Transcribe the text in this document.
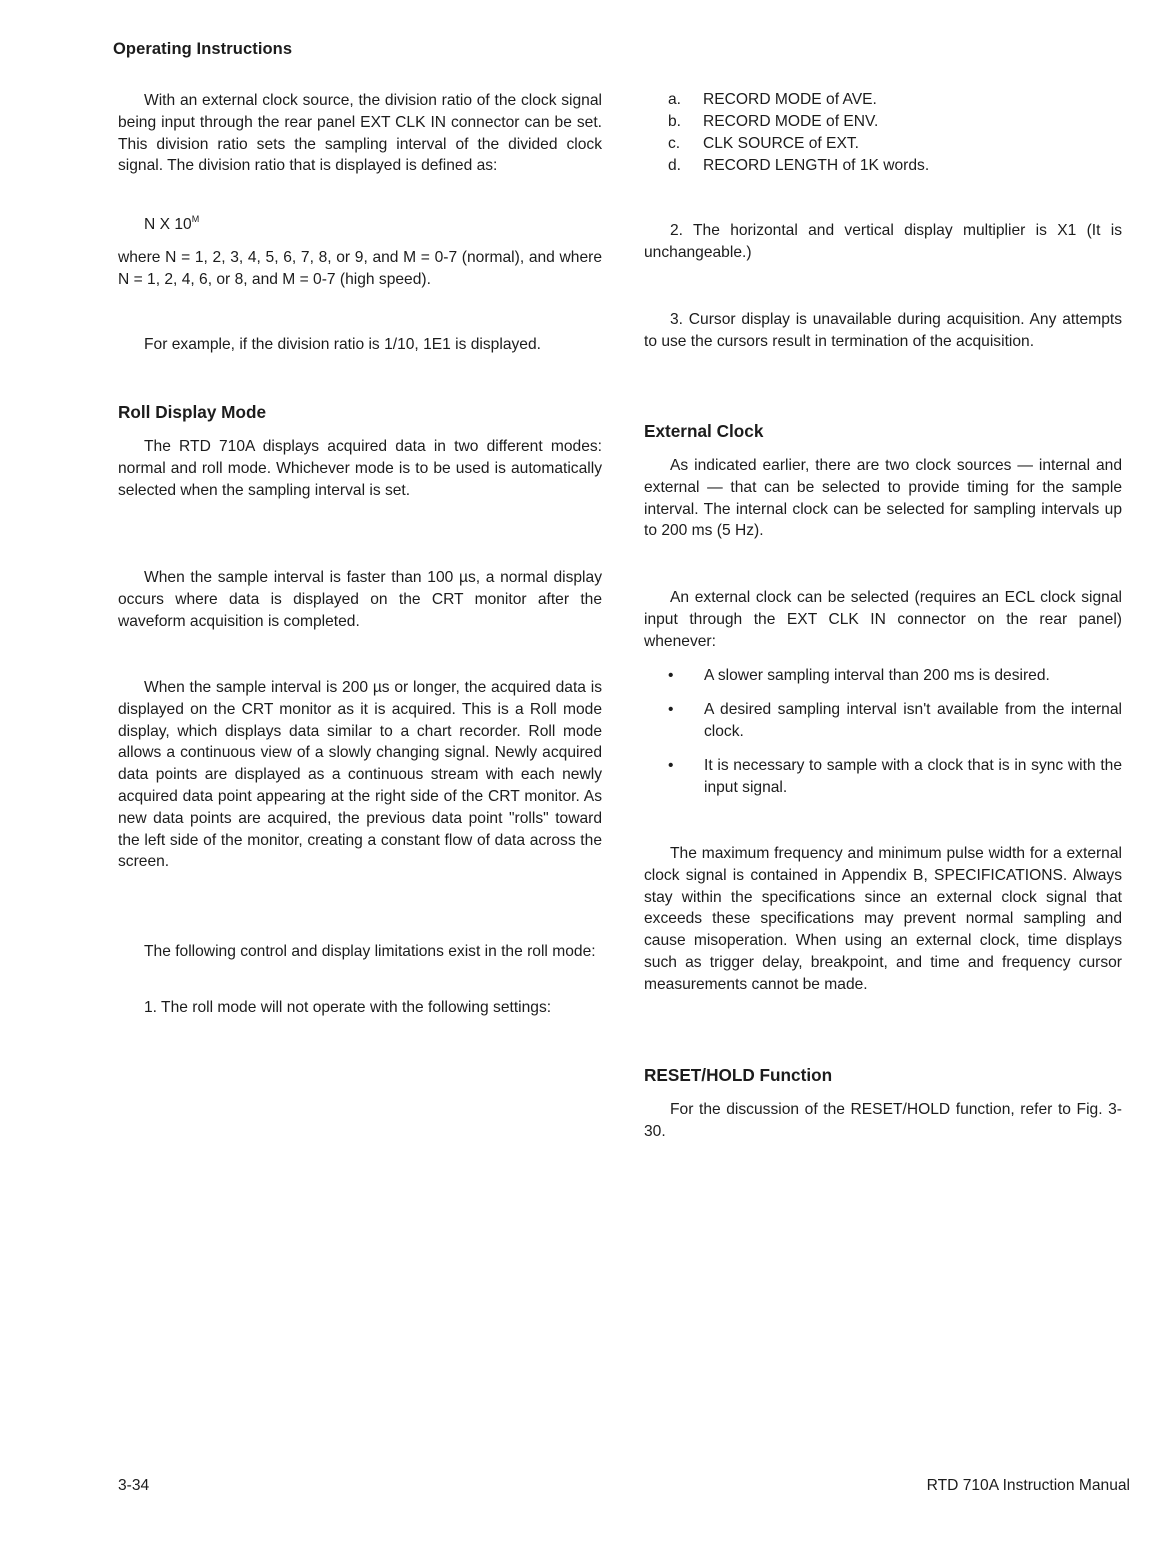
Operating Instructions

With an external clock source, the division ratio of the clock signal being input through the rear panel EXT CLK IN connector can be set. This division ratio sets the sampling interval of the divided clock signal. The division ratio that is displayed is defined as:

N X $10^M$

where N = 1, 2, 3, 4, 5, 6, 7, 8, or 9, and M = 0-7 (normal), and where N = 1, 2, 4, 6, or 8, and M = 0-7 (high speed).

For example, if the division ratio is 1/10, 1E1 is displayed.

Roll Display Mode

The RTD 710A displays acquired data in two different modes: normal and roll mode. Whichever mode is to be used is automatically selected when the sampling interval is set.

When the sample interval is faster than 100 µs, a normal display occurs where data is displayed on the CRT monitor after the waveform acquisition is completed.

When the sample interval is 200 µs or longer, the acquired data is displayed on the CRT monitor as it is acquired. This is a Roll mode display, which displays data similar to a chart recorder. Roll mode allows a continuous view of a slowly changing signal. Newly acquired data points are displayed as a continuous stream with each newly acquired data point appearing at the right side of the CRT monitor. As new data points are acquired, the previous data point "rolls" toward the left side of the monitor, creating a constant flow of data across the screen.

The following control and display limitations exist in the roll mode:

1. The roll mode will not operate with the following settings:

a. RECORD MODE of AVE.
b. RECORD MODE of ENV.
c. CLK SOURCE of EXT.
d. RECORD LENGTH of 1K words.

2. The horizontal and vertical display multiplier is X1 (It is unchangeable.)

3. Cursor display is unavailable during acquisition. Any attempts to use the cursors result in termination of the acquisition.

External Clock

As indicated earlier, there are two clock sources — internal and external — that can be selected to provide timing for the sample interval. The internal clock can be selected for sampling intervals up to 200 ms (5 Hz).

An external clock can be selected (requires an ECL clock signal input through the EXT CLK IN connector on the rear panel) whenever:

• A slower sampling interval than 200 ms is desired.
• A desired sampling interval isn't available from the internal clock.
• It is necessary to sample with a clock that is in sync with the input signal.

The maximum frequency and minimum pulse width for a external clock signal is contained in Appendix B, SPECIFICATIONS. Always stay within the specifications since an external clock signal that exceeds these specifications may prevent normal sampling and cause misoperation. When using an external clock, time displays such as trigger delay, breakpoint, and time and frequency cursor measurements cannot be made.

RESET/HOLD Function

For the discussion of the RESET/HOLD function, refer to Fig. 3-30.

3-34	RTD 710A Instruction Manual
